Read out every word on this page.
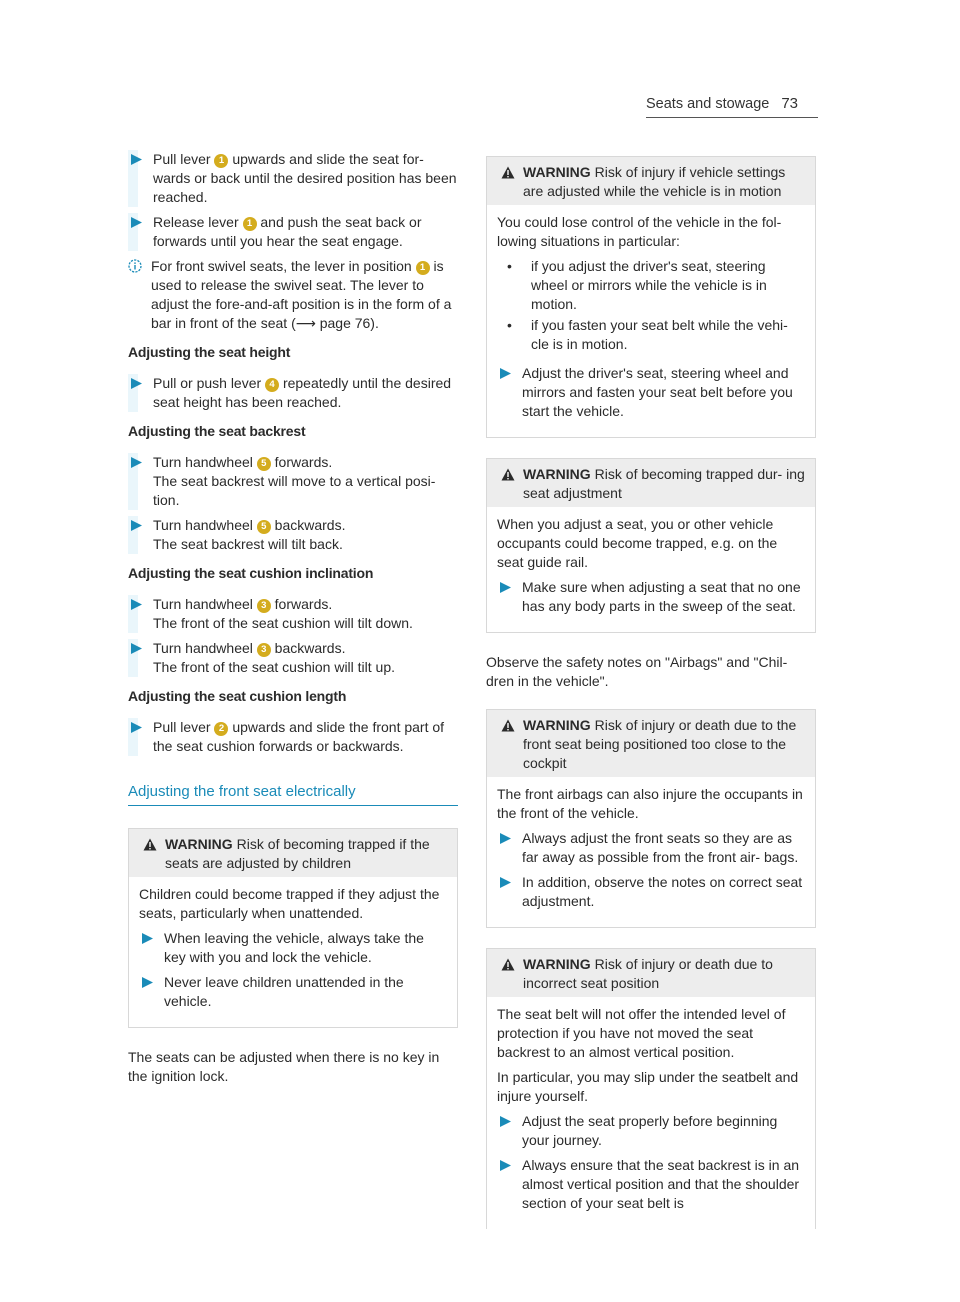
Seats and stowage 73
Pull lever 1 upwards and slide the seat for- wards or back until the desired position has been reached.
Release lever 1 and push the seat back or forwards until you hear the seat engage.
For front swivel seats, the lever in position 1 is used to release the swivel seat. The lever to adjust the fore-and-aft position is in the form of a bar in front of the seat (⟶ page 76).
Adjusting the seat height
Pull or push lever 4 repeatedly until the desired seat height has been reached.
Adjusting the seat backrest
Turn handwheel 5 forwards.
The seat backrest will move to a vertical posi- tion.
Turn handwheel 5 backwards.
The seat backrest will tilt back.
Adjusting the seat cushion inclination
Turn handwheel 3 forwards.
The front of the seat cushion will tilt down.
Turn handwheel 3 backwards.
The front of the seat cushion will tilt up.
Adjusting the seat cushion length
Pull lever 2 upwards and slide the front part of the seat cushion forwards or backwards.
Adjusting the front seat electrically
WARNING Risk of becoming trapped if the seats are adjusted by children

Children could become trapped if they adjust the seats, particularly when unattended.

When leaving the vehicle, always take the key with you and lock the vehicle.
Never leave children unattended in the vehicle.

The seats can be adjusted when there is no key in the ignition lock.

WARNING Risk of injury if vehicle settings are adjusted while the vehicle is in motion

You could lose control of the vehicle in the fol- lowing situations in particular:

•	if you adjust the driver's seat, steering wheel or mirrors while the vehicle is in motion.
•	if you fasten your seat belt while the vehi- cle is in motion.
Adjust the driver's seat, steering wheel and mirrors and fasten your seat belt before you start the vehicle.
WARNING Risk of becoming trapped dur- ing seat adjustment

When you adjust a seat, you or other vehicle occupants could become trapped, e.g. on the seat guide rail.

Make sure when adjusting a seat that no one has any body parts in the sweep of the seat.

Observe the safety notes on "Airbags" and "Chil- dren in the vehicle".

WARNING Risk of injury or death due to the front seat being positioned too close to the cockpit

The front airbags can also injure the occupants in the front of the vehicle.

Always adjust the front seats so they are as far away as possible from the front air- bags.
In addition, observe the notes on correct seat adjustment.
WARNING Risk of injury or death due to incorrect seat position

The seat belt will not offer the intended level of protection if you have not moved the seat backrest to an almost vertical position.

In particular, you may slip under the seatbelt and injure yourself.

Adjust the seat properly before beginning your journey.
Always ensure that the seat backrest is in an almost vertical position and that the shoulder section of your seat belt is
